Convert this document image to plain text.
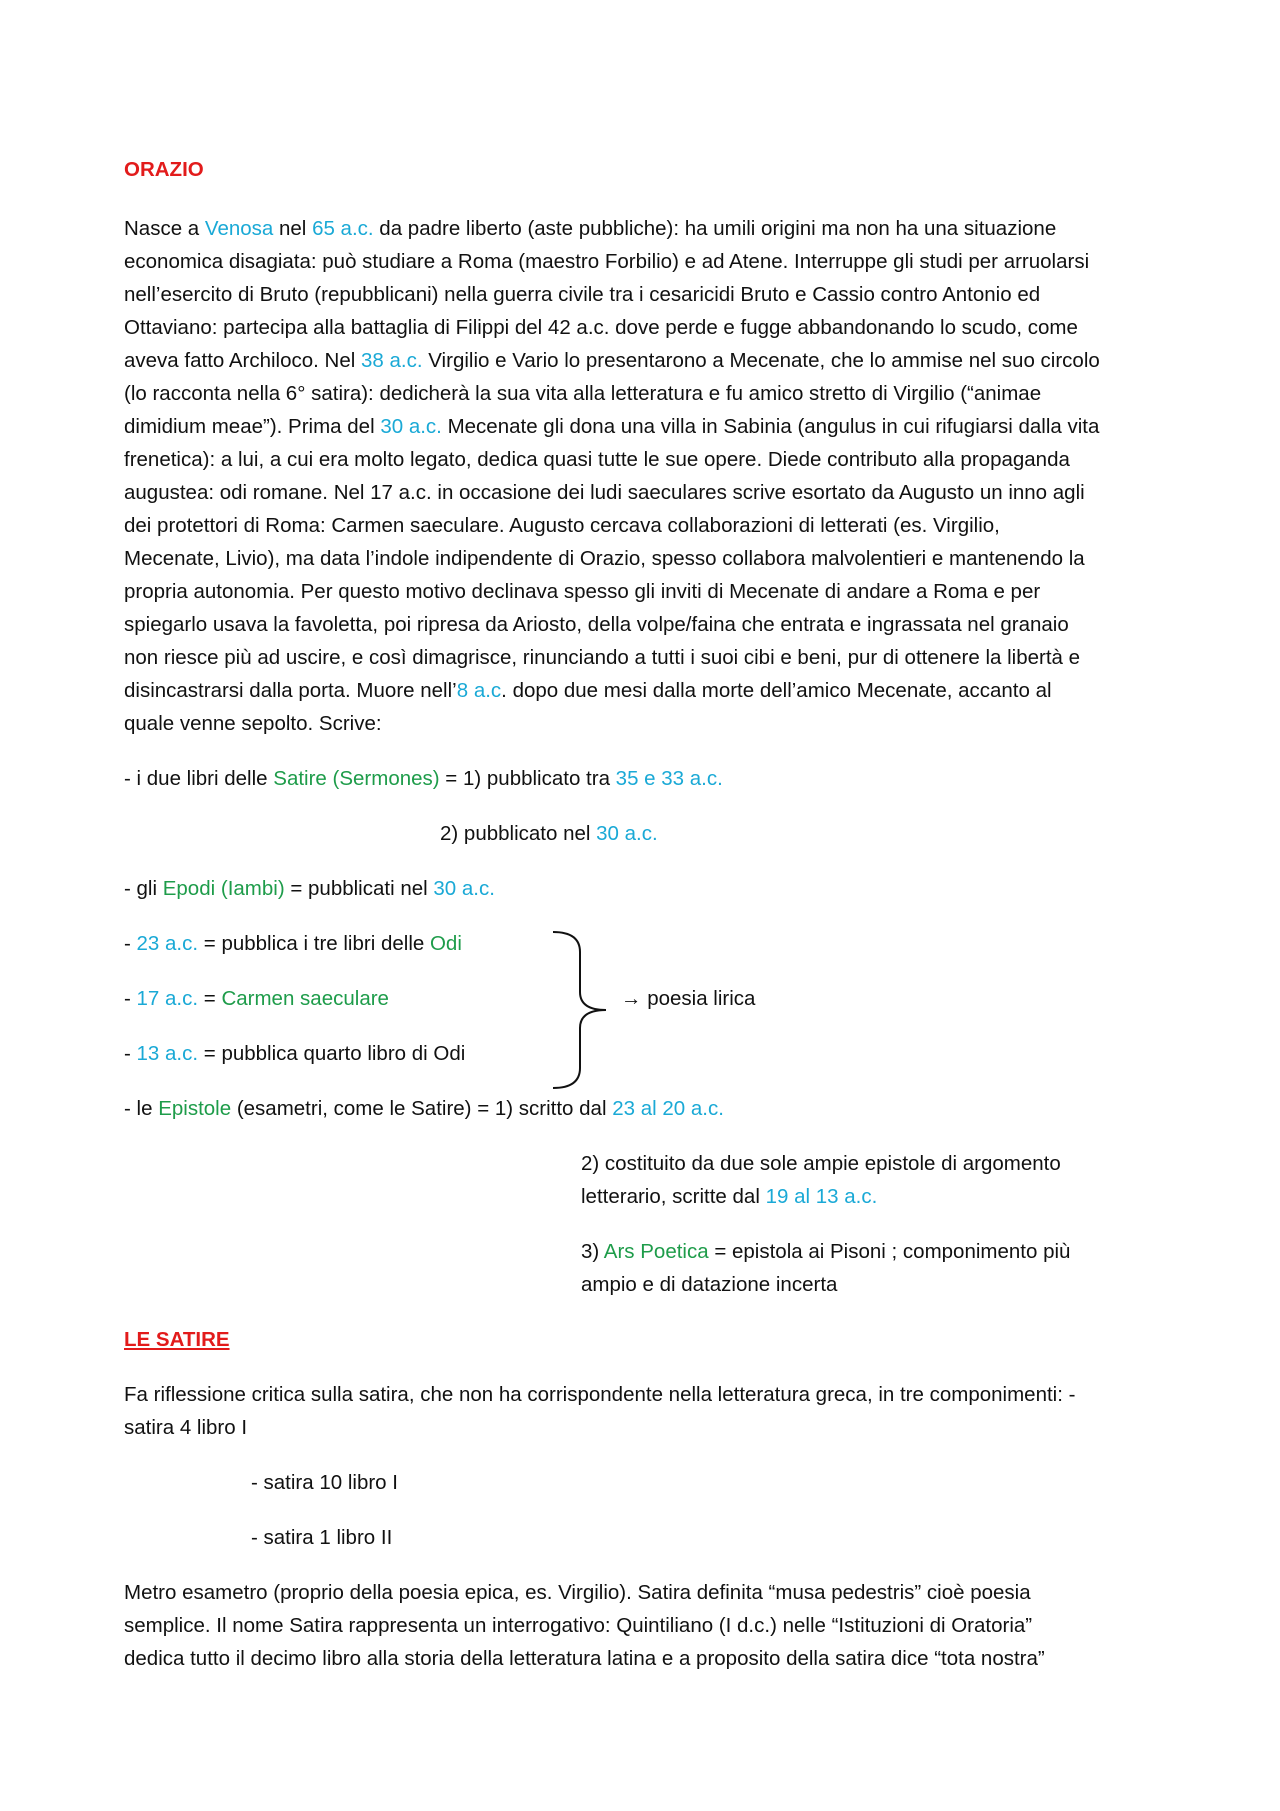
ORAZIO
Nasce a Venosa nel 65 a.c. da padre liberto (aste pubbliche): ha umili origini ma non ha una situazione
economica disagiata: può studiare a Roma (maestro Forbilio) e ad Atene. Interruppe gli studi per arruolarsi
nell’esercito di Bruto (repubblicani) nella guerra civile tra i cesaricidi Bruto e Cassio contro Antonio ed
Ottaviano: partecipa alla battaglia di Filippi del 42 a.c. dove perde e fugge abbandonando lo scudo, come
aveva fatto Archiloco. Nel 38 a.c. Virgilio e Vario lo presentarono a Mecenate, che lo ammise nel suo circolo
(lo racconta nella 6° satira): dedicherà la sua vita alla letteratura e fu amico stretto di Virgilio (“animae
dimidium meae”). Prima del 30 a.c. Mecenate gli dona una villa in Sabinia (angulus in cui rifugiarsi dalla vita
frenetica): a lui, a cui era molto legato, dedica quasi tutte le sue opere. Diede contributo alla propaganda
augustea: odi romane. Nel 17 a.c. in occasione dei ludi saeculares scrive esortato da Augusto un inno agli
dei protettori di Roma: Carmen saeculare. Augusto cercava collaborazioni di letterati (es. Virgilio,
Mecenate, Livio), ma data l’indole indipendente di Orazio, spesso collabora malvolentieri e mantenendo la
propria autonomia. Per questo motivo declinava spesso gli inviti di Mecenate di andare a Roma e per
spiegarlo usava la favoletta, poi ripresa da Ariosto, della volpe/faina che entrata e ingrassata nel granaio
non riesce più ad uscire, e così dimagrisce, rinunciando a tutti i suoi cibi e beni, pur di ottenere la libertà e
disincastrarsi dalla porta. Muore nell’8 a.c. dopo due mesi dalla morte dell’amico Mecenate, accanto al
quale venne sepolto. Scrive:
- i due libri delle Satire (Sermones) = 1) pubblicato tra 35 e 33 a.c.
2) pubblicato nel 30 a.c.
- gli Epodi (Iambi) = pubblicati nel 30 a.c.
- 23 a.c. = pubblica i tre libri delle Odi
- 17 a.c. = Carmen saeculare
- 13 a.c. = pubblica quarto libro di Odi
→ poesia lirica
- le Epistole (esametri, come le Satire) = 1) scritto dal 23 al 20 a.c.
2) costituito da due sole ampie epistole di argomento
letterario, scritte dal 19 al 13 a.c.
3) Ars Poetica = epistola ai Pisoni ; componimento più
ampio e di datazione incerta
LE SATIRE
Fa riflessione critica sulla satira, che non ha corrispondente nella letteratura greca, in tre componimenti: -
satira 4 libro I
- satira 10 libro I
- satira 1 libro II
Metro esametro (proprio della poesia epica, es. Virgilio). Satira definita “musa pedestris” cioè poesia
semplice. Il nome Satira rappresenta un interrogativo: Quintiliano (I d.c.) nelle “Istituzioni di Oratoria”
dedica tutto il decimo libro alla storia della letteratura latina e a proposito della satira dice “tota nostra”
